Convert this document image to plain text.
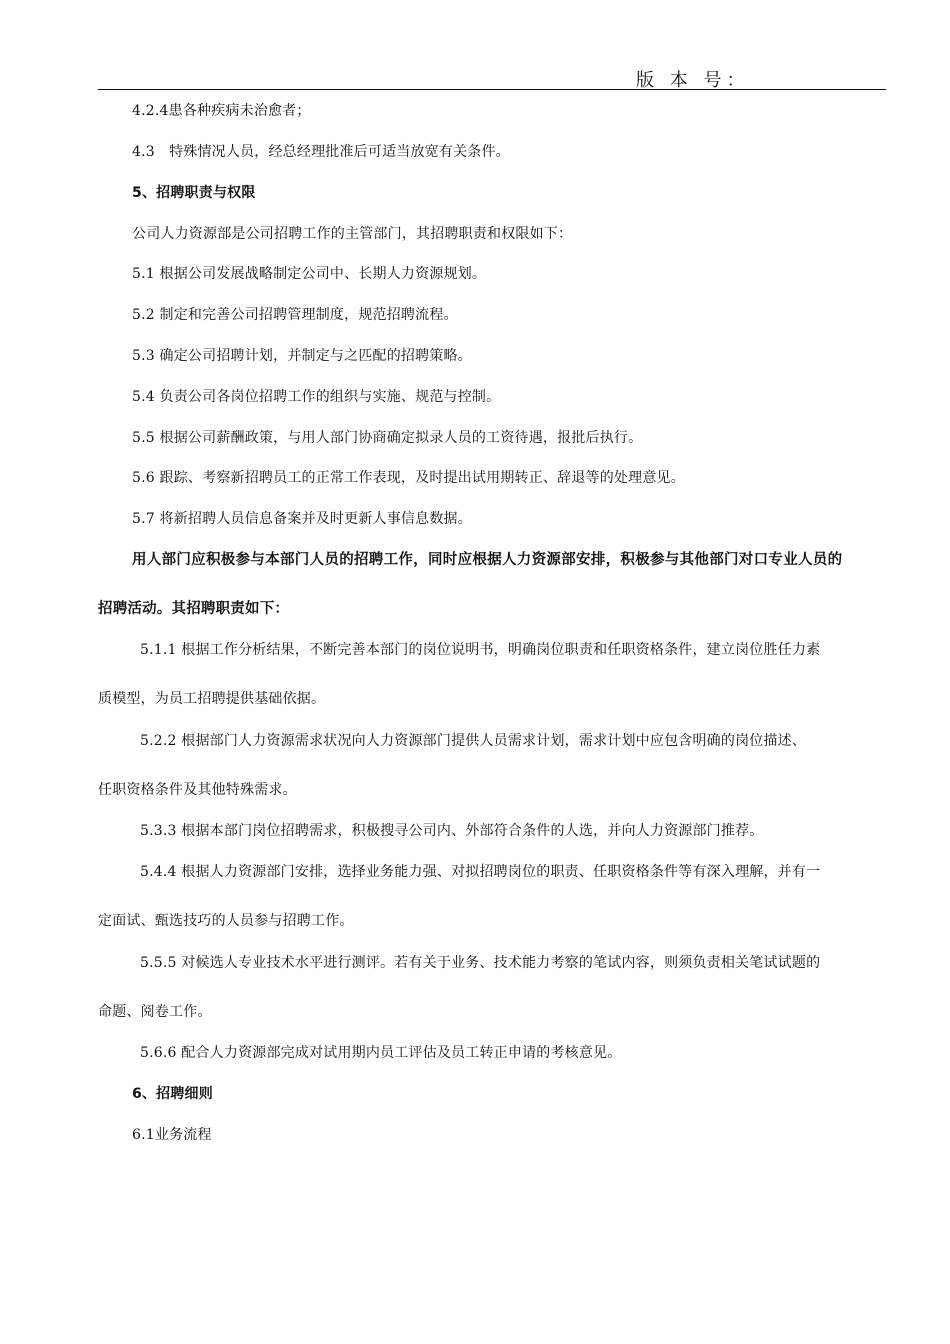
版 本 号：
4.2.4患各种疾病未治愈者；
4.3　特殊情况人员，经总经理批准后可适当放宽有关条件。
5、招聘职责与权限
公司人力资源部是公司招聘工作的主管部门，其招聘职责和权限如下：
5.1 根据公司发展战略制定公司中、长期人力资源规划。
5.2 制定和完善公司招聘管理制度，规范招聘流程。
5.3 确定公司招聘计划，并制定与之匹配的招聘策略。
5.4 负责公司各岗位招聘工作的组织与实施、规范与控制。
5.5 根据公司薪酬政策，与用人部门协商确定拟录人员的工资待遇，报批后执行。
5.6 跟踪、考察新招聘员工的正常工作表现，及时提出试用期转正、辞退等的处理意见。
5.7 将新招聘人员信息备案并及时更新人事信息数据。
用人部门应积极参与本部门人员的招聘工作，同时应根据人力资源部安排，积极参与其他部门对口专业人员的
招聘活动。其招聘职责如下：
5.1.1 根据工作分析结果，不断完善本部门的岗位说明书，明确岗位职责和任职资格条件，建立岗位胜任力素
质模型，为员工招聘提供基础依据。
5.2.2 根据部门人力资源需求状况向人力资源部门提供人员需求计划，需求计划中应包含明确的岗位描述、
任职资格条件及其他特殊需求。
5.3.3 根据本部门岗位招聘需求，积极搜寻公司内、外部符合条件的人选，并向人力资源部门推荐。
5.4.4 根据人力资源部门安排，选择业务能力强、对拟招聘岗位的职责、任职资格条件等有深入理解，并有一
定面试、甄选技巧的人员参与招聘工作。
5.5.5 对候选人专业技术水平进行测评。若有关于业务、技术能力考察的笔试内容，则须负责相关笔试试题的
命题、阅卷工作。
5.6.6 配合人力资源部完成对试用期内员工评估及员工转正申请的考核意见。
6、招聘细则
6.1业务流程
